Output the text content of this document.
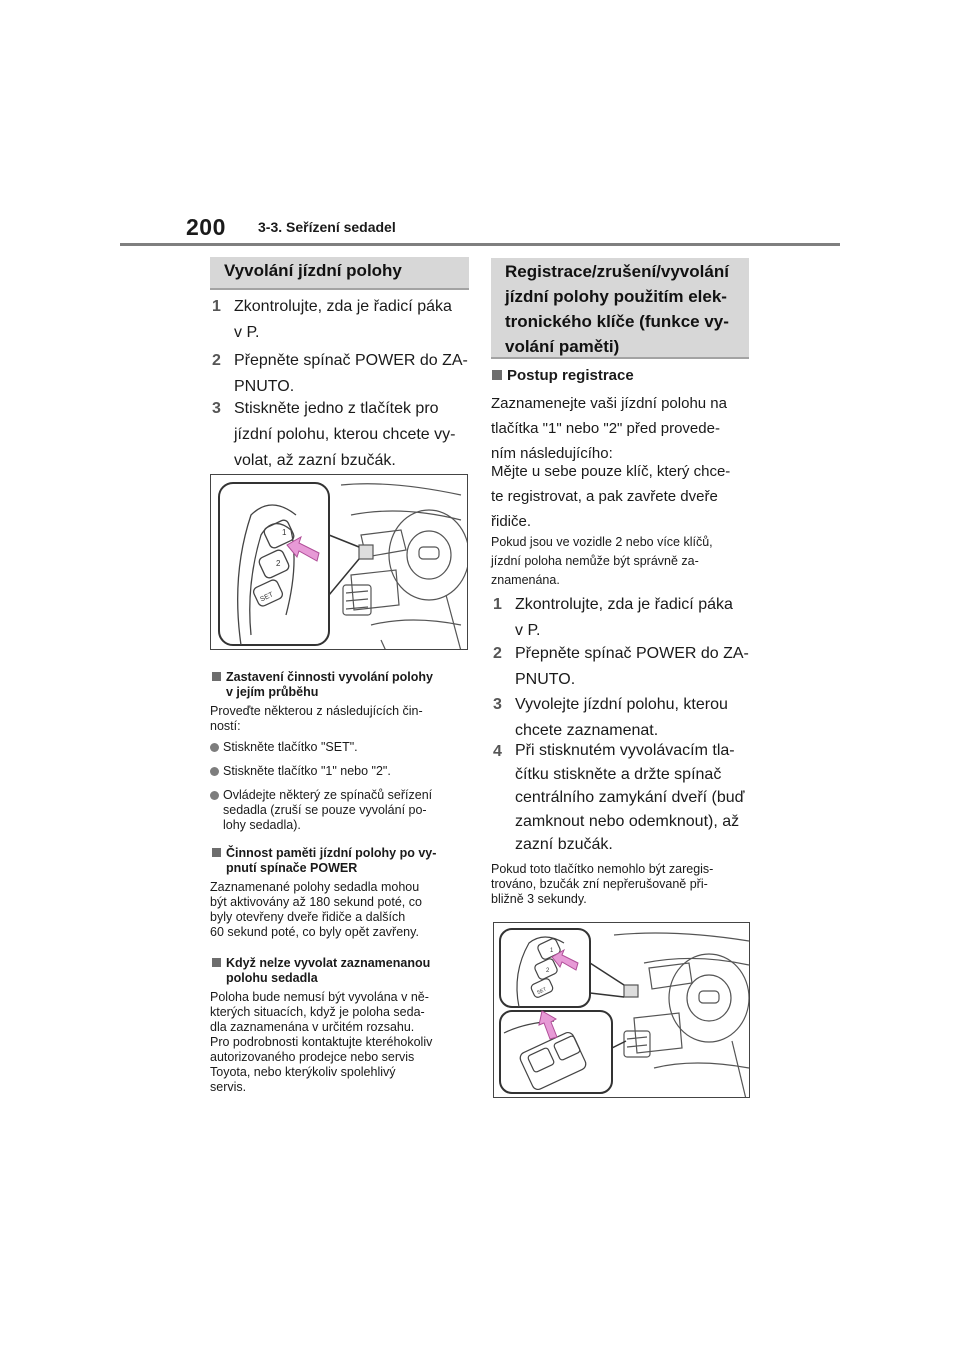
200 3-3. Seřízení sedadel
Vyvolání jízdní polohy
1 Zkontrolujte, zda je řadicí páka
v P.
2 Přepněte spínač POWER do ZA-
PNUTO.
3 Stiskněte jedno z tlačítek pro
jízdní polohu, kterou chcete vy-
volat, až zazní bzučák.
1
2
SET
Zastavení činnosti vyvolání polohy
v jejím průběhu
Proveďte některou z následujících čin-
ností:
Stiskněte tlačítko "SET".
Stiskněte tlačítko "1" nebo "2".
Ovládejte některý ze spínačů seřízení
sedadla (zruší se pouze vyvolání po-
lohy sedadla).
Činnost paměti jízdní polohy po vy-
pnutí spínače POWER
Zaznamenané polohy sedadla mohou
být aktivovány až 180 sekund poté, co
byly otevřeny dveře řidiče a dalších
60 sekund poté, co byly opět zavřeny.
Když nelze vyvolat zaznamenanou
polohu sedadla
Poloha bude nemusí být vyvolána v ně-
kterých situacích, když je poloha seda-
dla zaznamenána v určitém rozsahu.
Pro podrobnosti kontaktujte kteréhokoliv
autorizovaného prodejce nebo servis
Toyota, nebo kterýkoliv spolehlivý
servis.
Registrace/zrušení/vyvolání
jízdní polohy použitím elek-
tronického klíče (funkce vy-
volání paměti)
Postup registrace
Zaznamenejte vaši jízdní polohu na
tlačítka "1" nebo "2" před provede-
ním následujícího:
Mějte u sebe pouze klíč, který chce-
te registrovat, a pak zavřete dveře
řidiče.
Pokud jsou ve vozidle 2 nebo více klíčů,
jízdní poloha nemůže být správně za-
znamenána.
1 Zkontrolujte, zda je řadicí páka
v P.
2 Přepněte spínač POWER do ZA-
PNUTO.
3 Vyvolejte jízdní polohu, kterou
chcete zaznamenat.
4 Při stisknutém vyvolávacím tla-
čítku stiskněte a držte spínač
centrálního zamykání dveří (buď
zamknout nebo odemknout), až
zazní bzučák.
Pokud toto tlačítko nemohlo být zaregis-
trováno, bzučák zní nepřerušovaně při-
bližně 3 sekundy.
1
2
SET
